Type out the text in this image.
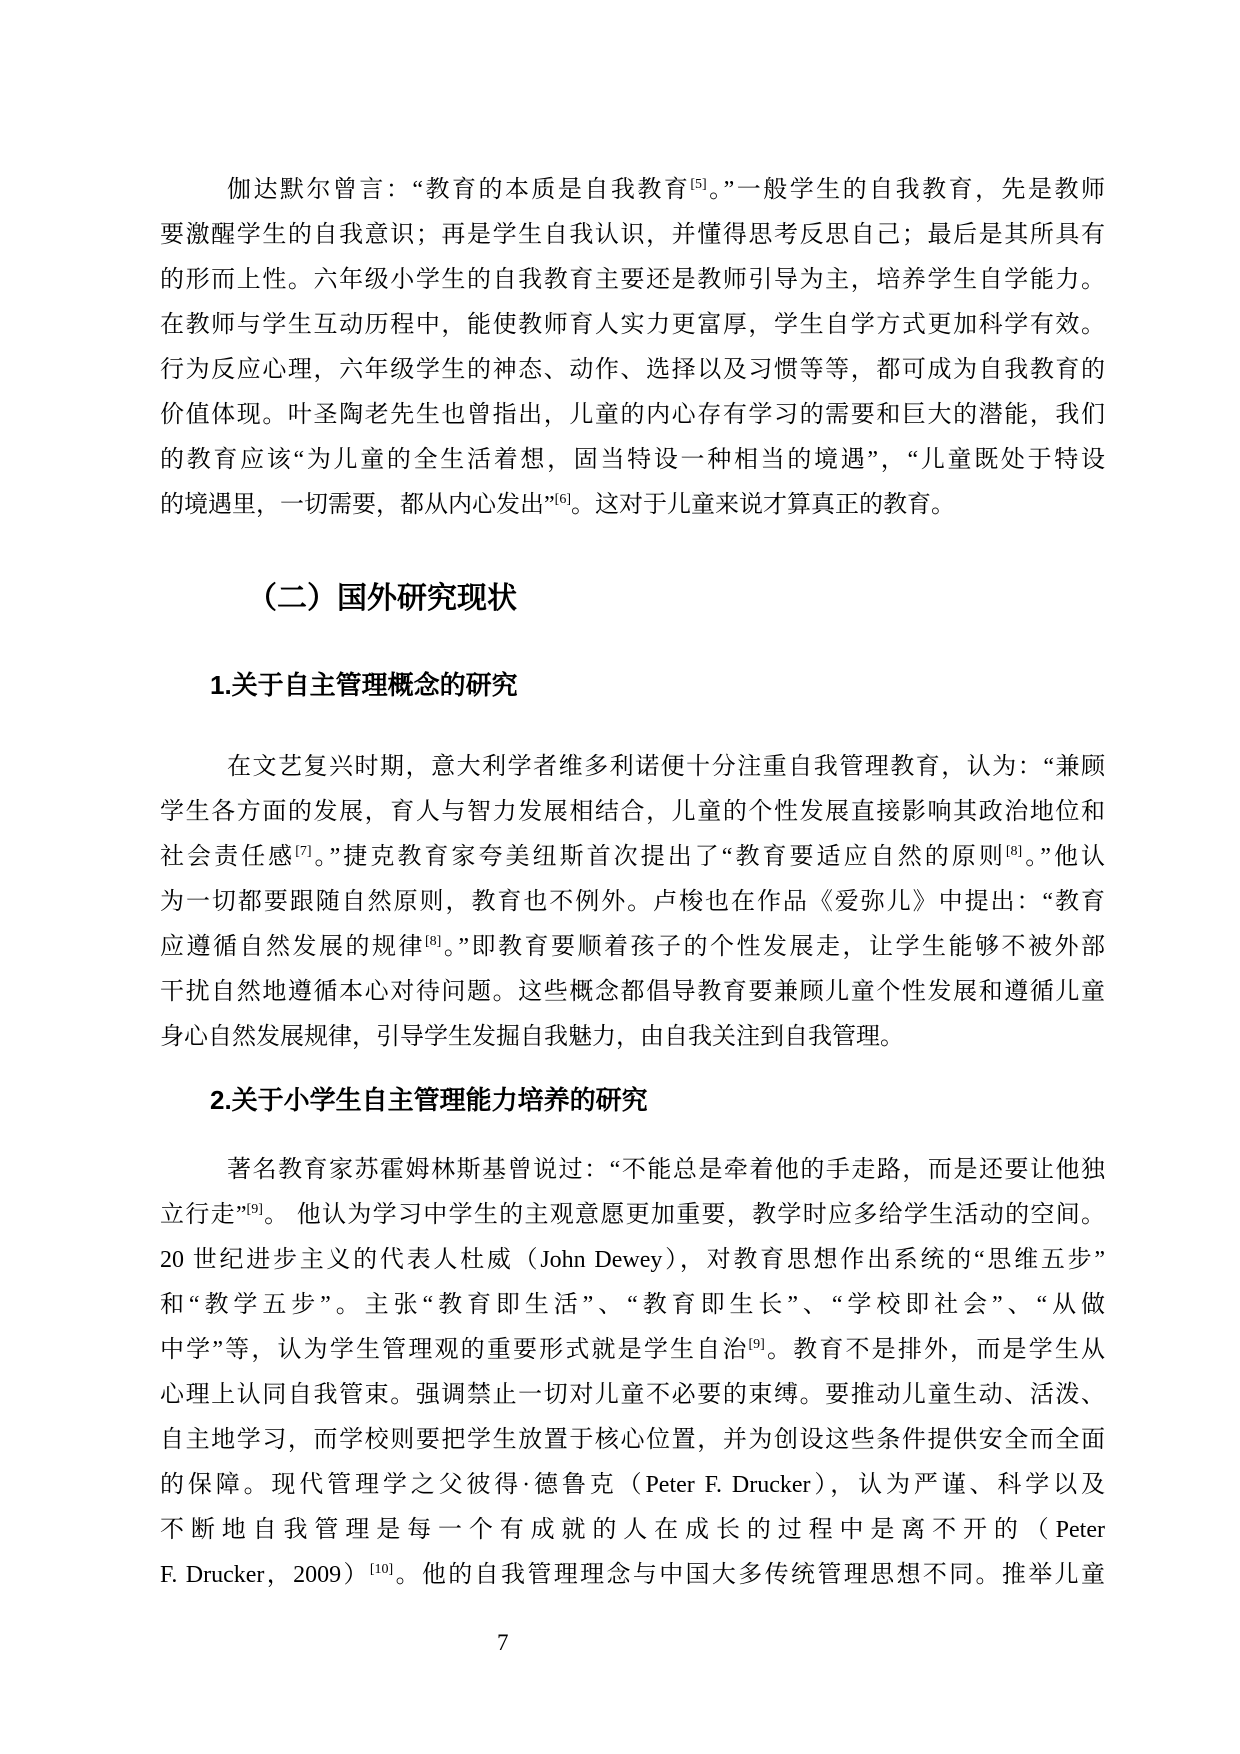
伽达默尔曾言：“教育的本质是自我教育[5]。”一般学生的自我教育，先是教师
要激醒学生的自我意识；再是学生自我认识，并懂得思考反思自己；最后是其所具有
的形而上性。六年级小学生的自我教育主要还是教师引导为主，培养学生自学能力。
在教师与学生互动历程中，能使教师育人实力更富厚，学生自学方式更加科学有效。
行为反应心理，六年级学生的神态、动作、选择以及习惯等等，都可成为自我教育的
价值体现。叶圣陶老先生也曾指出，儿童的内心存有学习的需要和巨大的潜能，我们
的教育应该“为儿童的全生活着想，固当特设一种相当的境遇”，“儿童既处于特设
的境遇里，一切需要，都从内心发出”[6]。这对于儿童来说才算真正的教育。
（二）国外研究现状
1.关于自主管理概念的研究
在文艺复兴时期，意大利学者维多利诺便十分注重自我管理教育，认为：“兼顾
学生各方面的发展，育人与智力发展相结合，儿童的个性发展直接影响其政治地位和
社会责任感[7]。”捷克教育家夸美纽斯首次提出了“教育要适应自然的原则[8]。”他认
为一切都要跟随自然原则，教育也不例外。卢梭也在作品《爱弥儿》中提出：“教育
应遵循自然发展的规律[8]。”即教育要顺着孩子的个性发展走，让学生能够不被外部
干扰自然地遵循本心对待问题。这些概念都倡导教育要兼顾儿童个性发展和遵循儿童
身心自然发展规律，引导学生发掘自我魅力，由自我关注到自我管理。
2.关于小学生自主管理能力培养的研究
著名教育家苏霍姆林斯基曾说过：“不能总是牵着他的手走路，而是还要让他独
立行走”[9]。 他认为学习中学生的主观意愿更加重要，教学时应多给学生活动的空间。
20 世纪进步主义的代表人杜威（John Dewey），对教育思想作出系统的“思维五步”
和“教学五步”。主张“教育即生活”、“教育即生长”、“学校即社会”、“从做
中学”等，认为学生管理观的重要形式就是学生自治[9]。教育不是排外，而是学生从
心理上认同自我管束。强调禁止一切对儿童不必要的束缚。要推动儿童生动、活泼、
自主地学习，而学校则要把学生放置于核心位置，并为创设这些条件提供安全而全面
的保障。现代管理学之父彼得·德鲁克（Peter F. Drucker），认为严谨、科学以及
不断地自我管理是每一个有成就的人在成长的过程中是离不开的（Peter
F. Drucker，2009）[10]。他的自我管理理念与中国大多传统管理思想不同。推举儿童
7
